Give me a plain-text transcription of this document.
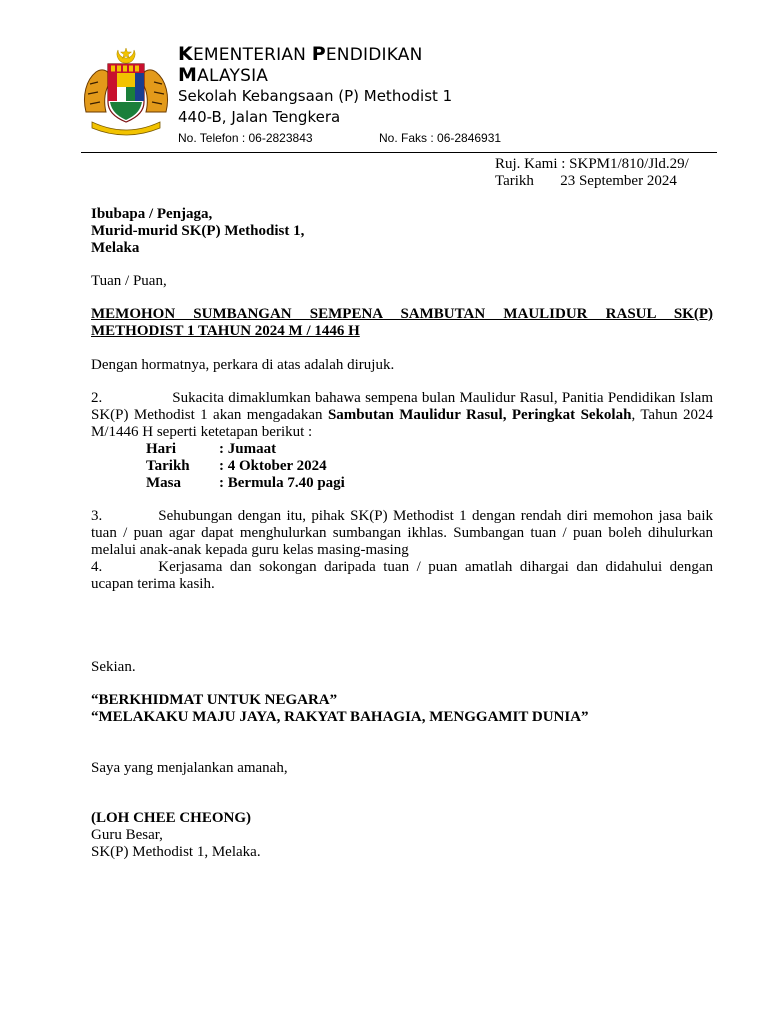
KEMENTERIAN PENDIDIKAN
MALAYSIA
Sekolah Kebangsaan (P) Methodist 1
440-B, Jalan Tengkera
No. Telefon : 06-2823843	No. Faks : 06-2846931
Ruj. Kami : SKPM1/810/Jld.29/
Tarikh 23 September 2024
Ibubapa / Penjaga,
Murid-murid SK(P) Methodist 1,
Melaka
Tuan / Puan,
MEMOHON SUMBANGAN SEMPENA SAMBUTAN MAULIDUR RASUL SK(P)
METHODIST 1 TAHUN 2024 M / 1446 H
Dengan hormatnya, perkara di atas adalah dirujuk.
2.	Sukacita dimaklumkan bahawa sempena bulan Maulidur Rasul, Panitia Pendidikan Islam SK(P) Methodist 1 akan mengadakan Sambutan Maulidur Rasul, Peringkat Sekolah, Tahun 2024 M/1446 H seperti ketetapan berikut :
Hari	: Jumaat
Tarikh	: 4 Oktober 2024
Masa	: Bermula 7.40 pagi
3.	Sehubungan dengan itu, pihak SK(P) Methodist 1 dengan rendah diri memohon jasa baik tuan / puan agar dapat menghulurkan sumbangan ikhlas. Sumbangan tuan / puan boleh dihulurkan melalui anak-anak kepada guru kelas masing-masing
4.	Kerjasama dan sokongan daripada tuan / puan amatlah dihargai dan didahului dengan ucapan terima kasih.
Sekian.
“BERKHIDMAT UNTUK NEGARA”
“MELAKAKU MAJU JAYA, RAKYAT BAHAGIA, MENGGAMIT DUNIA”
Saya yang menjalankan amanah,
(LOH CHEE CHEONG)
Guru Besar,
SK(P) Methodist 1, Melaka.
